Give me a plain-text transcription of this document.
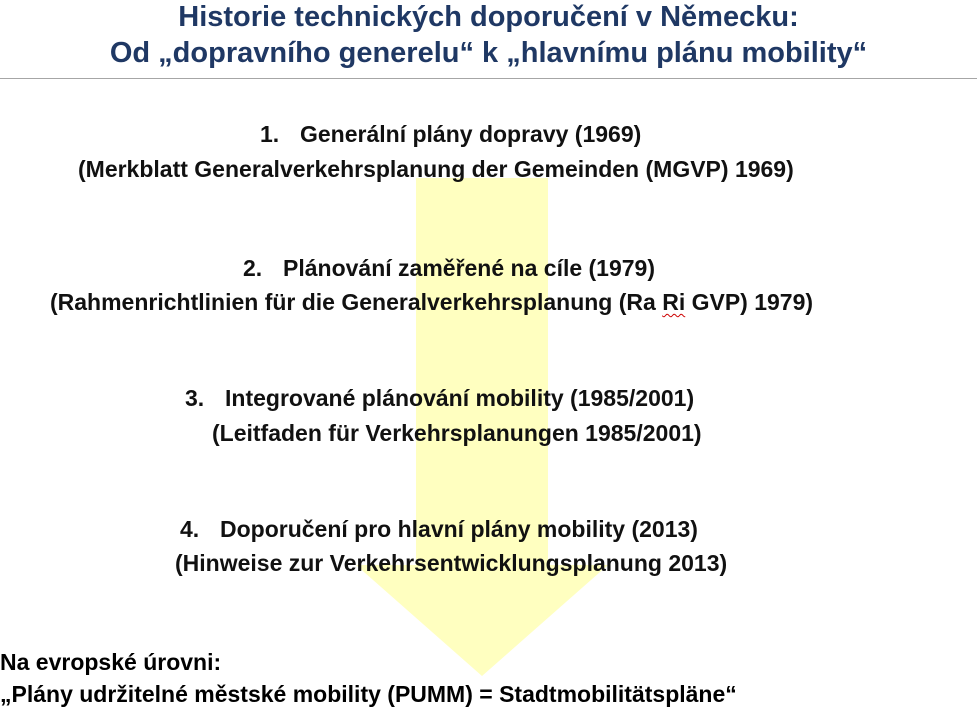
Historie technických doporučení v Německu:
Od „dopravního generelu“ k „hlavnímu plánu mobility“
1. Generální plány dopravy (1969)
(Merkblatt Generalverkehrsplanung der Gemeinden (MGVP) 1969)
2. Plánování zaměřené na cíle (1979)
(Rahmenrichtlinien für die Generalverkehrsplanung (Ra Ri GVP) 1979)
3. Integrované plánování mobility (1985/2001)
(Leitfaden für Verkehrsplanungen 1985/2001)
4. Doporučení pro hlavní plány mobility (2013)
(Hinweise zur Verkehrsentwicklungsplanung 2013)
Na evropské úrovni:
„Plány udržitelné městské mobility (PUMM) = Stadtmobilitätspläne“
